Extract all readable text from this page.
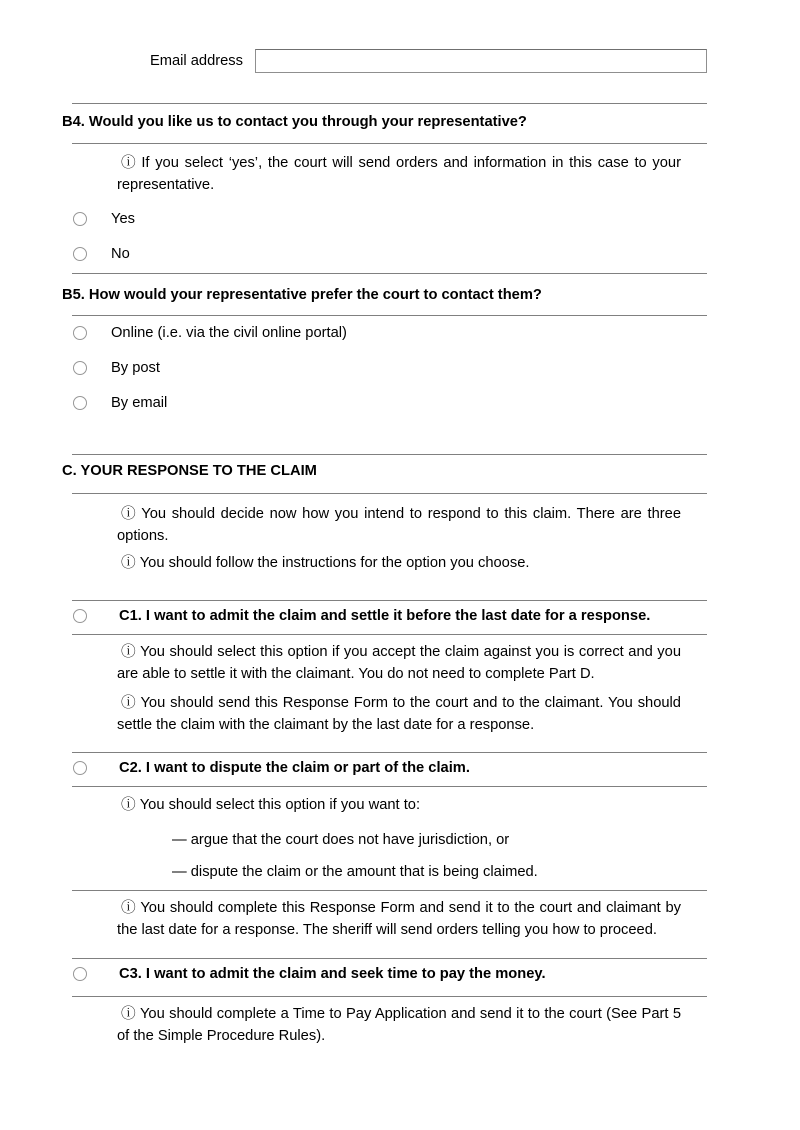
Email address
B4. Would you like us to contact you through your representative?

ⓘ If you select ‘yes’, the court will send orders and information in this case to your representative.

Yes
No
B5. How would your representative prefer the court to contact them?
Online (i.e. via the civil online portal)
By post
By email
C. YOUR RESPONSE TO THE CLAIM

ⓘ You should decide now how you intend to respond to this claim. There are three options.

ⓘ You should follow the instructions for the option you choose.

C1. I want to admit the claim and settle it before the last date for a response.

ⓘ You should select this option if you accept the claim against you is correct and you are able to settle it with the claimant. You do not need to complete Part D.

ⓘ You should send this Response Form to the court and to the claimant. You should settle the claim with the claimant by the last date for a response.

C2. I want to dispute the claim or part of the claim.

ⓘ You should select this option if you want to:

— argue that the court does not have jurisdiction, or

— dispute the claim or the amount that is being claimed.

ⓘ You should complete this Response Form and send it to the court and claimant by the last date for a response. The sheriff will send orders telling you how to proceed.

C3. I want to admit the claim and seek time to pay the money.

ⓘ You should complete a Time to Pay Application and send it to the court (See Part 5 of the Simple Procedure Rules).
